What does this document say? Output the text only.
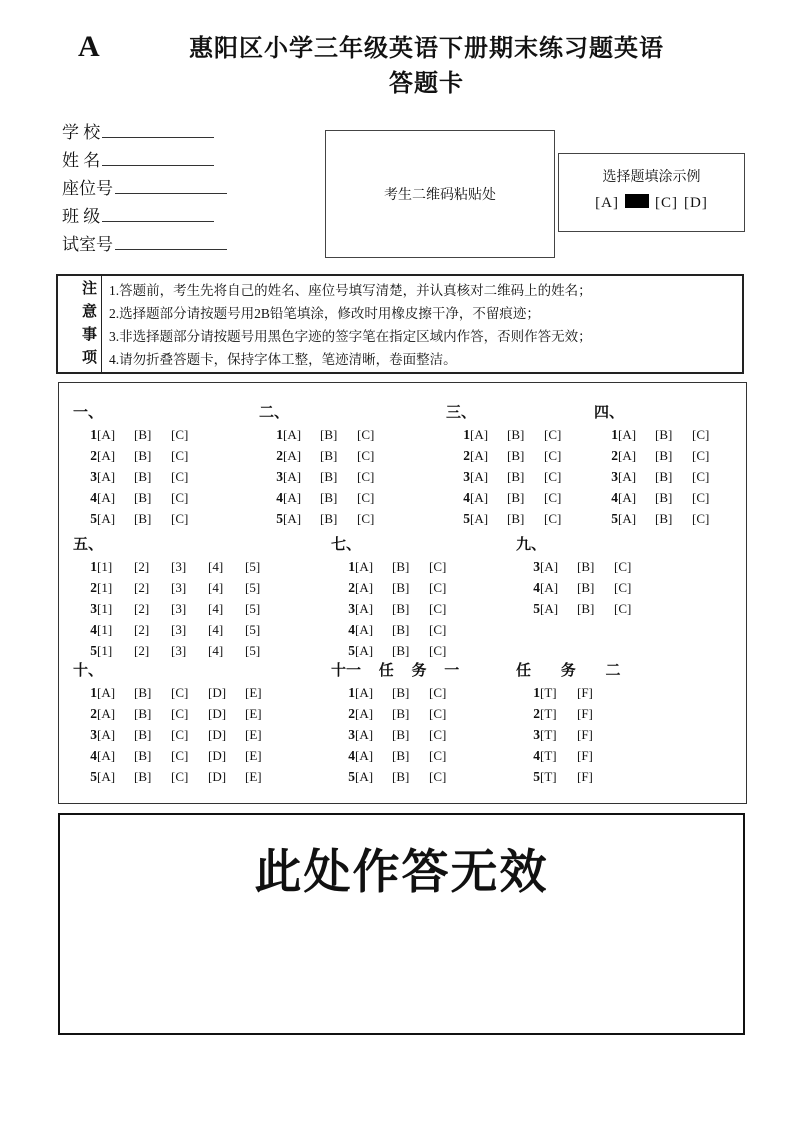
A	惠阳区小学三年级英语下册期末练习题英语
答题卡
学 校
姓 名
座位号
班 级
试室号
考生二维码粘贴处
选择题填涂示例
[A] [C] [D]
注
意
事
项
1.答题前，考生先将自己的姓名、座位号填写清楚，并认真核对二维码上的姓名；
2.选择题部分请按题号用2B铅笔填涂，修改时用橡皮擦干净，不留痕迹；
3.非选择题部分请按题号用黑色字迹的签字笔在指定区域内作答，否则作答无效；
4.请勿折叠答题卡，保持字体工整，笔迹清晰，卷面整洁。
一、
1[A] [B] [C]
2[A] [B] [C]
3[A] [B] [C]
4[A] [B] [C]
5[A] [B] [C]
二、
1[A] [B] [C]
2[A] [B] [C]
3[A] [B] [C]
4[A] [B] [C]
5[A] [B] [C]
三、
1[A] [B] [C]
2[A] [B] [C]
3[A] [B] [C]
4[A] [B] [C]
5[A] [B] [C]
四、
1[A] [B] [C]
2[A] [B] [C]
3[A] [B] [C]
4[A] [B] [C]
5[A] [B] [C]
五、
1[1] [2] [3] [4] [5]
2[1] [2] [3] [4] [5]
3[1] [2] [3] [4] [5]
4[1] [2] [3] [4] [5]
5[1] [2] [3] [4] [5]
七、
1[A] [B] [C]
2[A] [B] [C]
3[A] [B] [C]
4[A] [B] [C]
5[A] [B] [C]
九、
3[A] [B] [C]
4[A] [B] [C]
5[A] [B] [C]
十、
1[A] [B] [C] [D] [E]
2[A] [B] [C] [D] [E]
3[A] [B] [C] [D] [E]
4[A] [B] [C] [D] [E]
5[A] [B] [C] [D] [E]
十一 任 务 一
1[A] [B] [C]
2[A] [B] [C]
3[A] [B] [C]
4[A] [B] [C]
5[A] [B] [C]
任 务 二
1[T] [F]
2[T] [F]
3[T] [F]
4[T] [F]
5[T] [F]
此处作答无效
